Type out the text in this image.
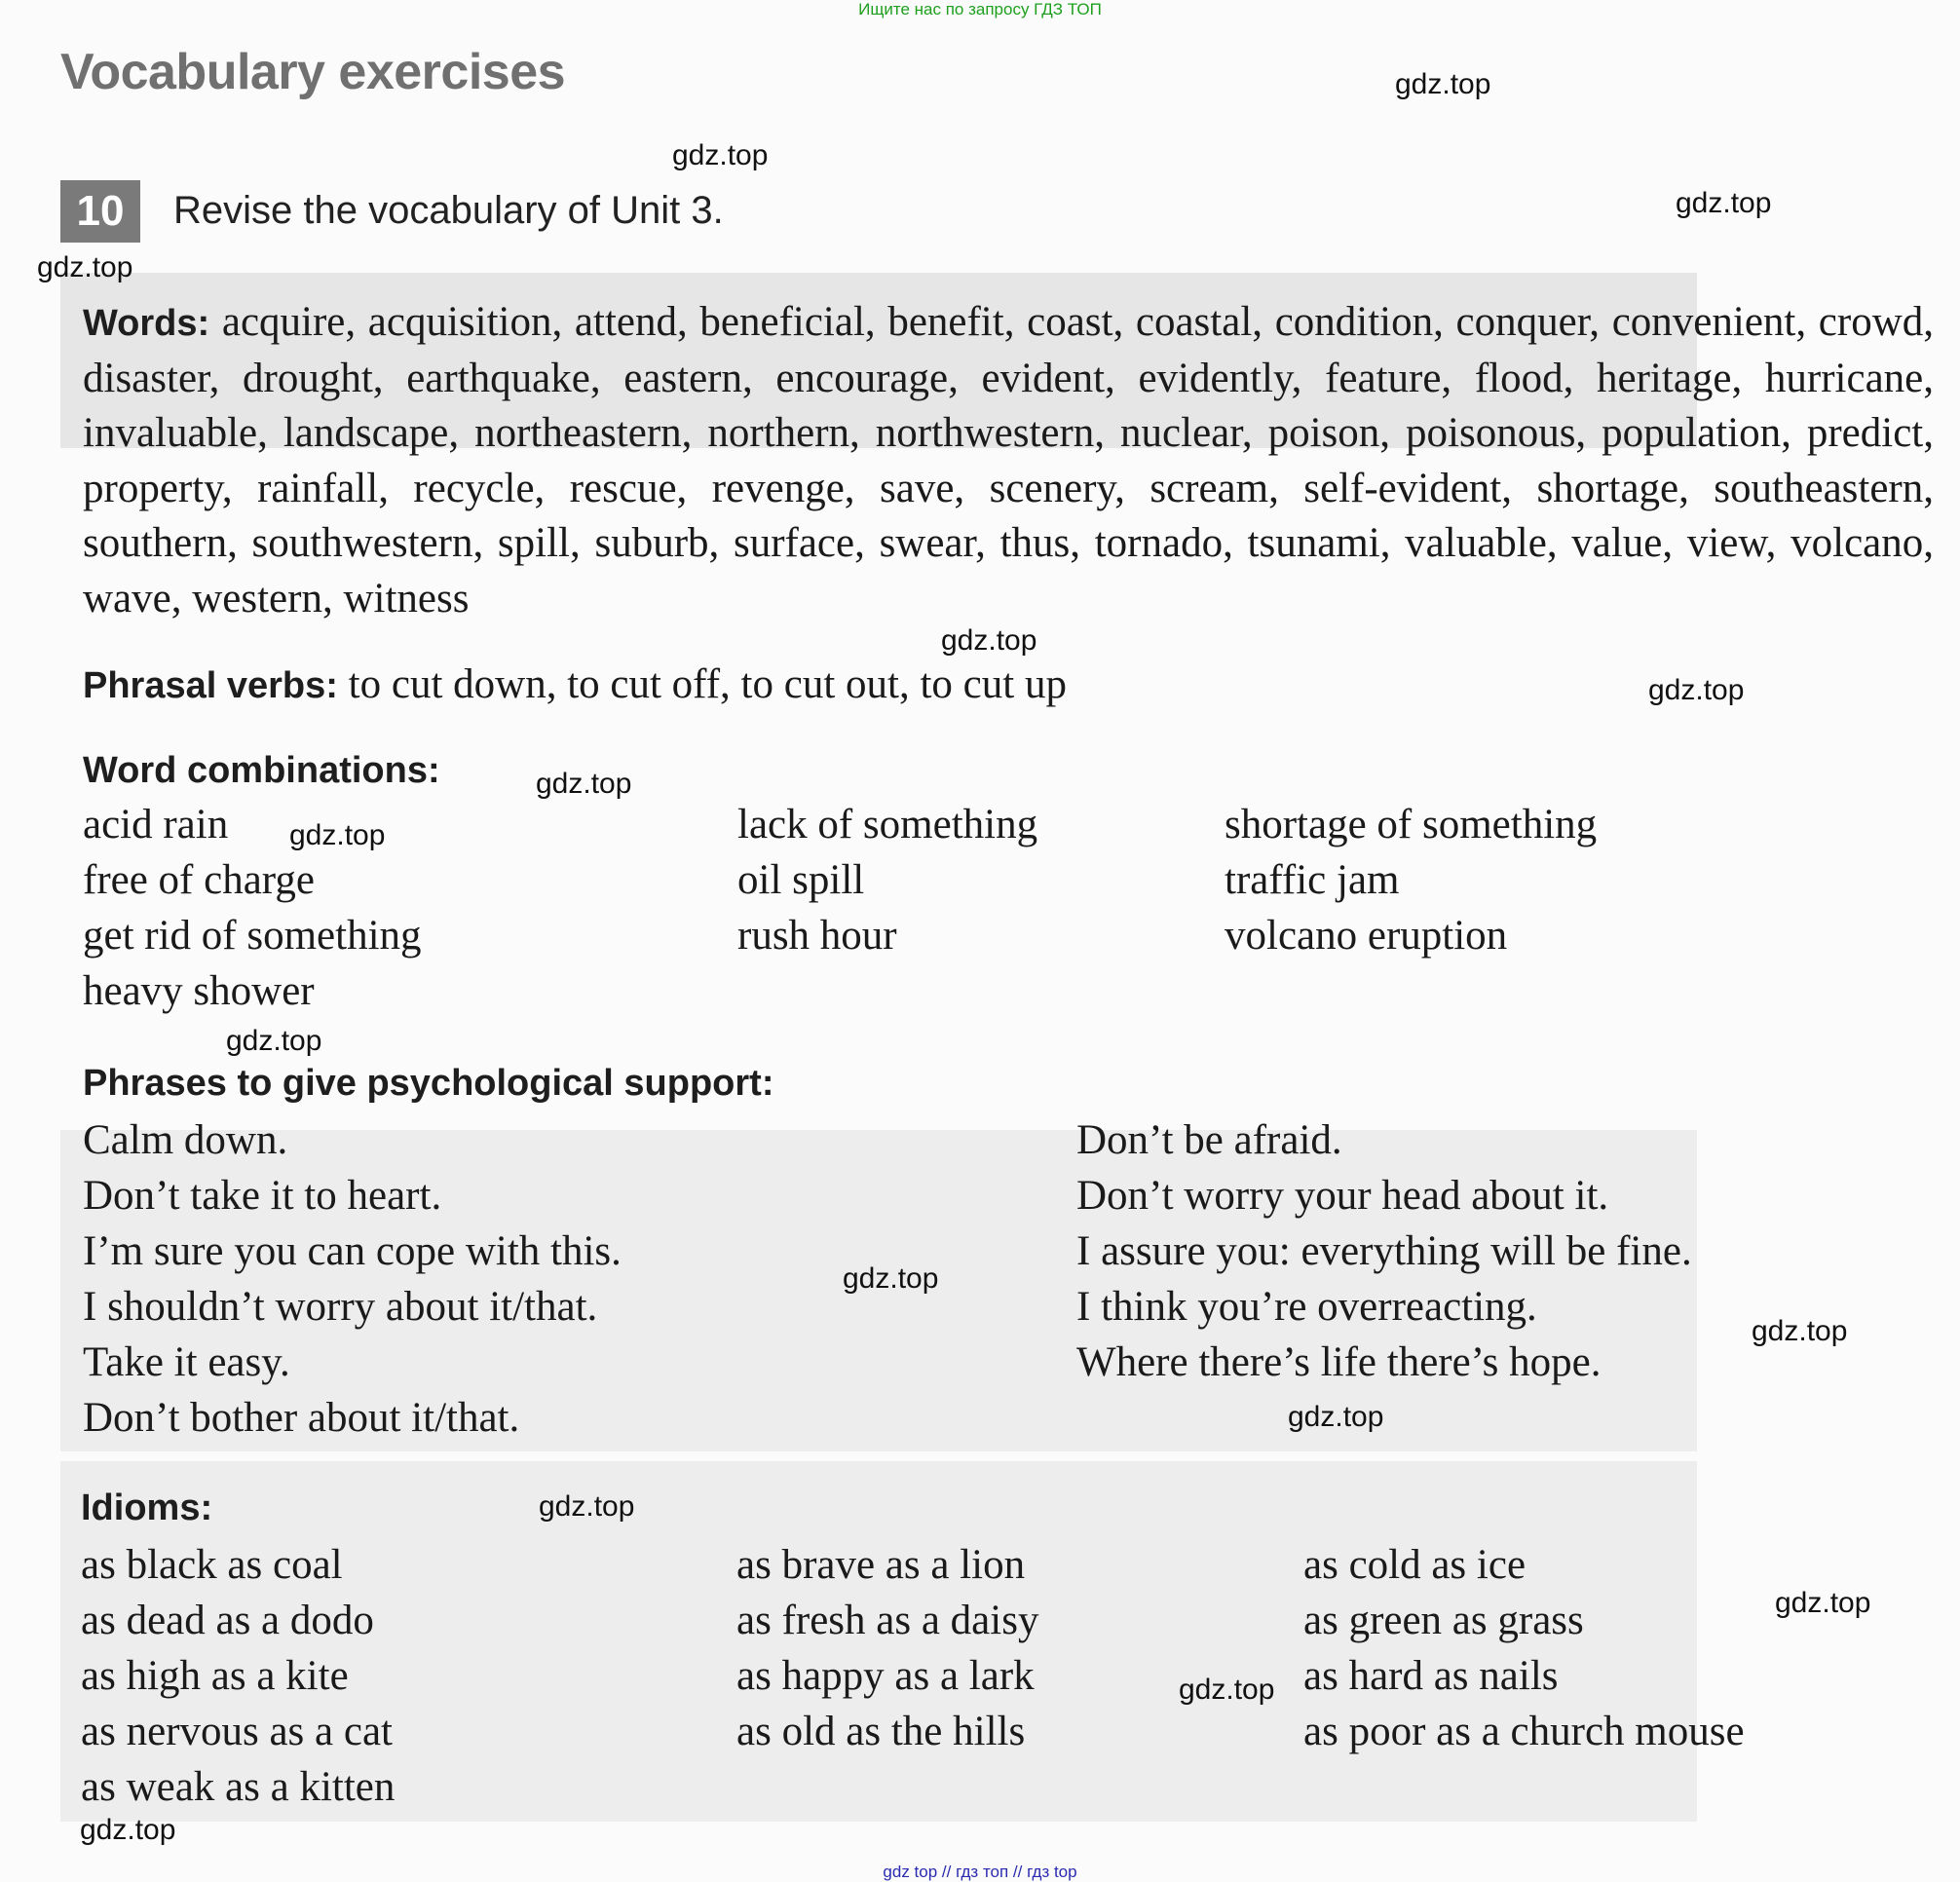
Ищите нас по запросу ГДЗ ТОП
Vocabulary exercises
10	Revise the vocabulary of Unit 3.
Words: acquire, acquisition, attend, beneficial, benefit, coast, coastal, condition, conquer, convenient, crowd, disaster, drought, earthquake, eastern, encourage, evident, evidently, feature, flood, heritage, hurricane, invaluable, landscape, northeastern, northern, northwestern, nuclear, poison, poisonous, population, predict, property, rainfall, recycle, rescue, revenge, save, scenery, scream, self-evident, shortage, southeastern, southern, southwestern, spill, suburb, surface, swear, thus, tornado, tsunami, valuable, value, view, volcano, wave, western, witness
Phrasal verbs: to cut down, to cut off, to cut out, to cut up
Word combinations:
acid rain
free of charge
get rid of something
heavy shower
lack of something
oil spill
rush hour
shortage of something
traffic jam
volcano eruption
Phrases to give psychological support:
Calm down.
Don’t take it to heart.
I’m sure you can cope with this.
I shouldn’t worry about it/that.
Take it easy.
Don’t bother about it/that.
Don’t be afraid.
Don’t worry your head about it.
I assure you: everything will be fine.
I think you’re overreacting.
Where there’s life there’s hope.
Idioms:
as black as coal
as dead as a dodo
as high as a kite
as nervous as a cat
as weak as a kitten
as brave as a lion
as fresh as a daisy
as happy as a lark
as old as the hills
as cold as ice
as green as grass
as hard as nails
as poor as a church mouse
gdz.top
gdz.top
gdz.top
gdz.top
gdz.top
gdz.top
gdz.top
gdz.top
gdz.top
gdz.top
gdz.top
gdz.top
gdz.top
gdz.top
gdz.top
gdz.top
gdz top // гдз топ // гдз top
